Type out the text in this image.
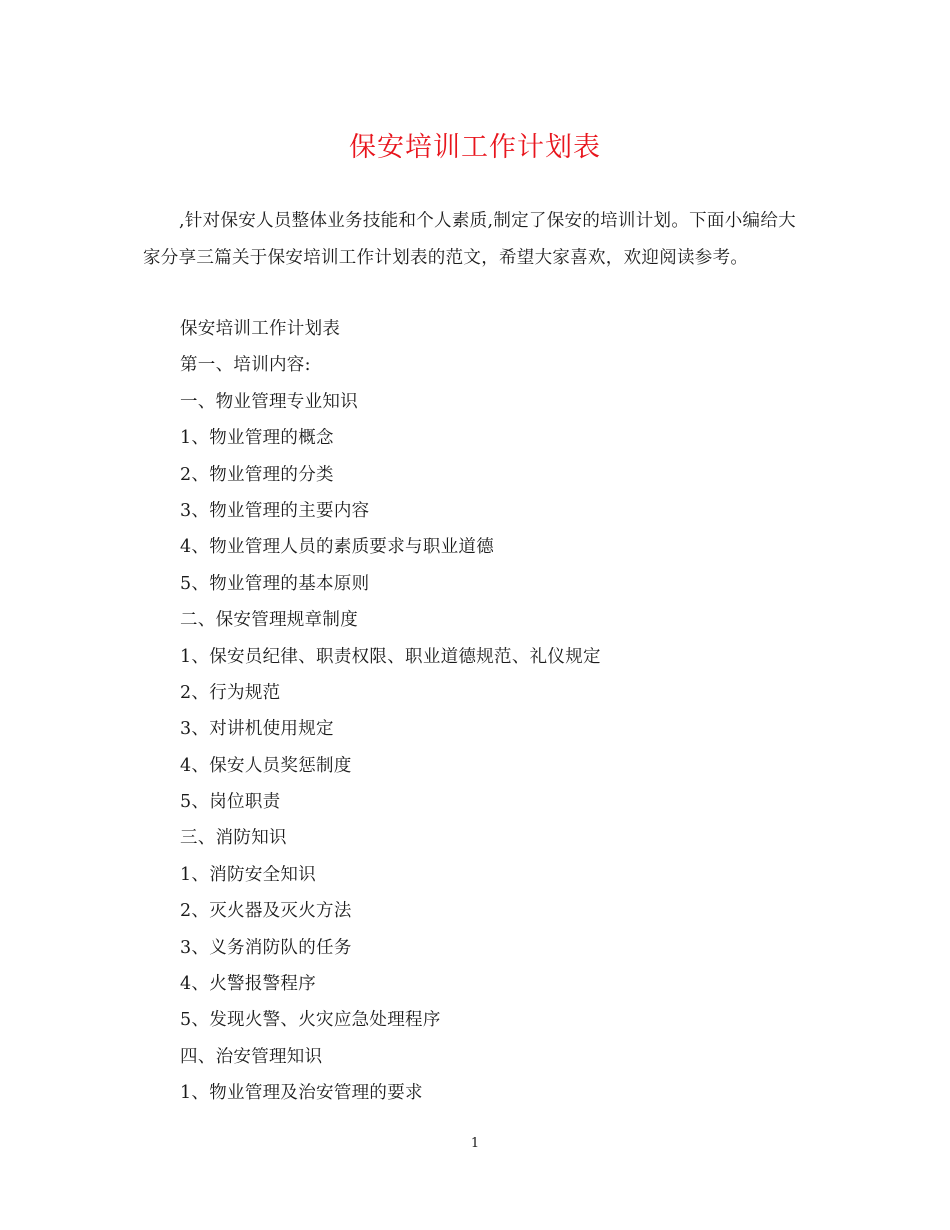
保安培训工作计划表
,针对保安人员整体业务技能和个人素质,制定了保安的培训计划。下面小编给大家分享三篇关于保安培训工作计划表的范文，希望大家喜欢，欢迎阅读参考。
保安培训工作计划表
第一、培训内容:
一、物业管理专业知识
1、物业管理的概念
2、物业管理的分类
3、物业管理的主要内容
4、物业管理人员的素质要求与职业道德
5、物业管理的基本原则
二、保安管理规章制度
1、保安员纪律、职责权限、职业道德规范、礼仪规定
2、行为规范
3、对讲机使用规定
4、保安人员奖惩制度
5、岗位职责
三、消防知识
1、消防安全知识
2、灭火器及灭火方法
3、义务消防队的任务
4、火警报警程序
5、发现火警、火灾应急处理程序
四、治安管理知识
1、物业管理及治安管理的要求
1
